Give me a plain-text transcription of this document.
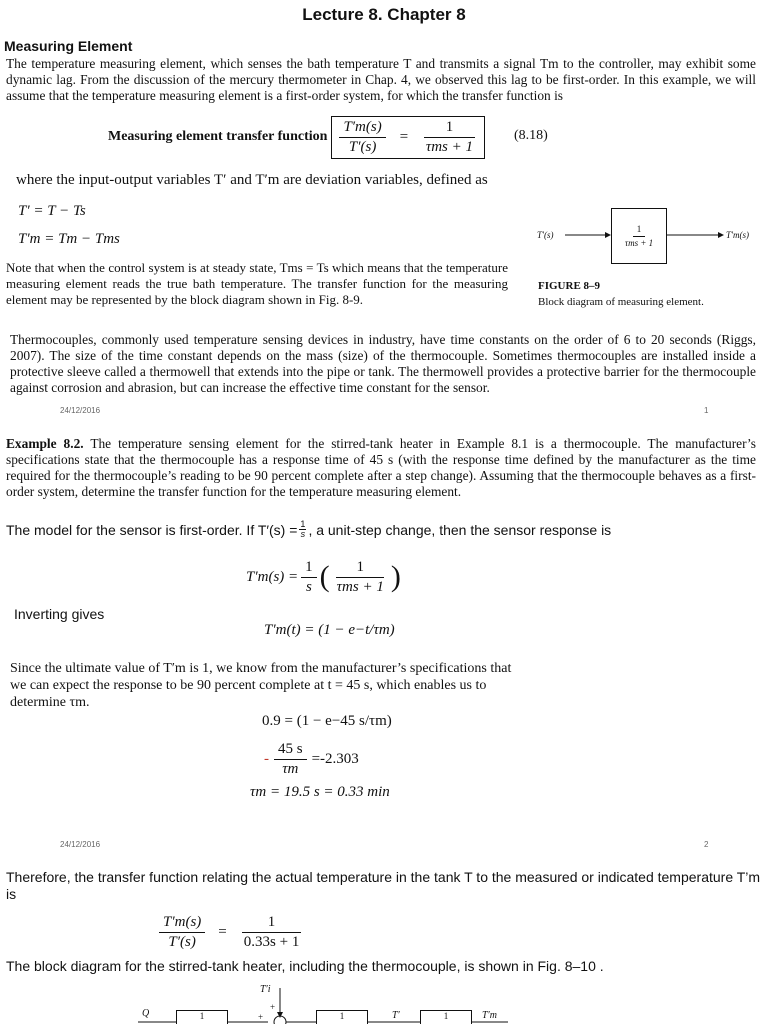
Lecture 8. Chapter 8
Measuring Element
The temperature measuring element, which senses the bath temperature T and transmits a signal Tm to the controller, may exhibit some dynamic lag. From the discussion of the mercury thermometer in Chap. 4, we observed this lag to be first-order. In this example, we will assume that the temperature measuring element is a first-order system, for which the transfer function is
Measuring element transfer function $\frac{T'm(s)}{T'(s)} = \frac{1}{\text{τms + 1}}$	(8.18)
where the input-output variables T′ and T′m are deviation variables, defined as
T′ = T − Ts
T′m = Tm − Tms	T′(s)	$\frac{1}{\text{τms + 1}}$	T′m(s)
FIGURE 8–9
Block diagram of measuring element.
Note that when the control system is at steady state, Tms = Ts which means that the temperature measuring element reads the true bath temperature. The transfer function for the measuring element may be represented by the block diagram shown in Fig. 8-9.
Thermocouples, commonly used temperature sensing devices in industry, have time constants on the order of 6 to 20 seconds (Riggs, 2007). The size of the time constant depends on the mass (size) of the thermocouple. Sometimes thermocouples are installed inside a protective sleeve called a thermowell that extends into the pipe or tank. The thermowell provides a protective barrier for the thermocouple against corrosion and abrasion, but can increase the effective time constant for the sensor.
24/12/2016	1
Example 8.2. The temperature sensing element for the stirred-tank heater in Example 8.1 is a thermocouple. The manufacturer’s specifications state that the thermocouple has a response time of 45 s (with the response time defined by the manufacturer as the time required for the thermocouple’s reading to be 90 percent complete after a step change). Assuming that the thermocouple behaves as a first-order system, determine the transfer function for the temperature measuring element.
The model for the sensor is first-order. If $T'(s) = \frac{1}{s}$ , a unit-step change, then the sensor response is
$T'm(s) = \frac{1}{s}$ ( $\frac{1}{\text{τms + 1}}$ )
Inverting gives
T′m(t) = (1 − e−t/τm)
Since the ultimate value of T′m is 1, we know from the manufacturer’s specifications that we can expect the response to be 90 percent complete at t = 45 s, which enables us to determine τm.
0.9 = (1 − e−45 s/τm)
- $\frac{45 s}{\tau m} =-2.303$
τm = 19.5 s = 0.33 min
24/12/2016	2
Therefore, the transfer function relating the actual temperature in the tank T to the measured or indicated temperature T’m is
$\frac{T'm(s)}{T'(s)} = \frac{1}{0.33s + 1}$
The block diagram for the stirred-tank heater, including the thermocouple, is shown in Fig. 8–10 .
Q
T′i
+
+
1	1	T′	1	T′m
